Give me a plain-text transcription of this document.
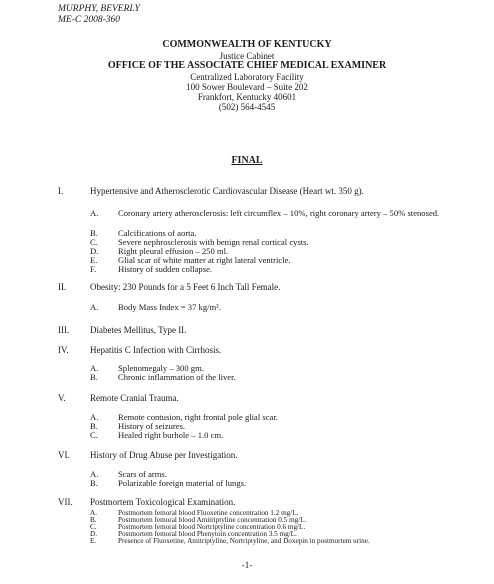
MURPHY, BEVERLY
ME-C 2008-360
COMMONWEALTH OF KENTUCKY
Justice Cabinet
OFFICE OF THE ASSOCIATE CHIEF MEDICAL EXAMINER
Centralized Laboratory Facility
100 Sower Boulevard – Suite 202
Frankfort, Kentucky 40601
(502) 564-4545
FINAL
I.	Hypertensive and Atherosclerotic Cardiovascular Disease (Heart wt. 350 g).
A. Coronary artery atherosclerosis: left circumflex – 10%, right coronary artery – 50% stenosed.
B. Calcifications of aorta.
C. Severe nephrosclerosis with benign renal cortical cysts.
D. Right pleural effusion – 250 ml.
E. Glial scar of white matter at right lateral ventricle.
F.	History of sudden collapse.
II.	Obesity: 230 Pounds for a 5 Feet 6 Inch Tall Female.
A. Body Mass Index = 37 kg/m².
III. Diabetes Mellitus, Type II.
IV. Hepatitis C Infection with Cirrhosis.
A. Splenomegaly – 300 gm.
B. Chronic inflammation of the liver.
V.	Remote Cranial Trauma.
A. Remote contusion, right frontal pole glial scar.
B. History of seizures.
C. Healed right burhole – 1.0 cm.
VI. History of Drug Abuse per Investigation.
A. Scars of arms.
B. Polarizable foreign material of lungs.
VII. Postmortem Toxicological Examination.
A.	Postmortem femoral blood Fluoxetine concentration 1.2 mg/L.
B.	Postmortem femoral blood Amitriptyline concentration 0.5 mg/L.
C.	Postmortem femoral blood Nortriptyline concentration 0.6 mg/L.
D.	Postmortem femoral blood Phenytoin concentration 3.5 mg/L.
E.	Presence of Fluoxetine, Amitriptyline, Nortriptyline, and Doxepin in postmortem urine.
-1-
